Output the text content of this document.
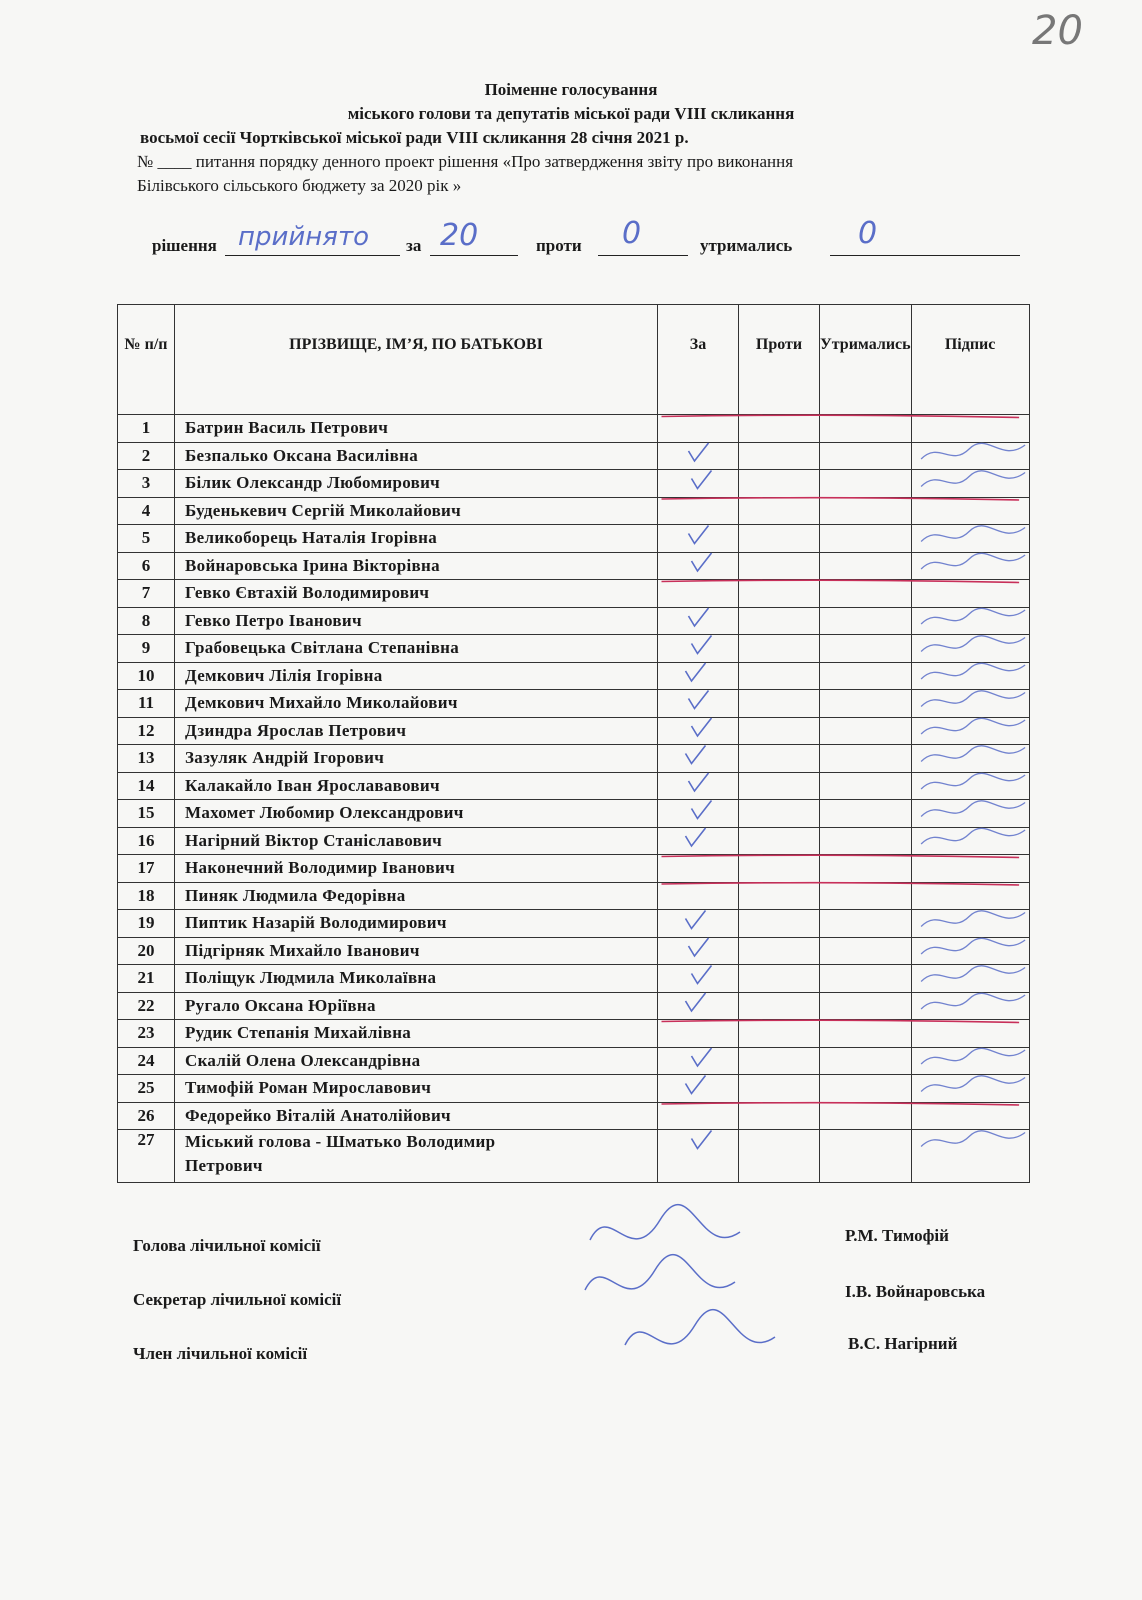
20
Поіменне голосування
міського голови та депутатів міської ради VIII скликання
восьмої сесії Чортківської міської ради VIII скликання 28 січня 2021 р.
№ ____ питання порядку денного проект рішення «Про затвердження звіту про виконання
Білівського сільського бюджету за 2020 рік »
рішення прийнято за 20	проти 0	утримались 0
№ п/п	ПРІЗВИЩЕ, ІМ’Я, ПО БАТЬКОВІ	За	Проти	Утримались	Підпис
1	Батрин Василь Петрович				
2	Безпалько Оксана Василівна				
3	Білик Олександр Любомирович				
4	Буденькевич Сергій Миколайович				
5	Великоборець Наталія Ігорівна				
6	Войнаровська Ірина Вікторівна				
7	Гевко Євтахій Володимирович				
8	Гевко Петро Іванович				
9	Грабовецька Світлана Степанівна				
10	Демкович Лілія Ігорівна				
11	Демкович Михайло Миколайович				
12	Дзиндра Ярослав Петрович				
13	Зазуляк Андрій Ігорович				
14	Калакайло Іван Ярослававович				
15	Махомет Любомир Олександрович				
16	Нагірний Віктор Станіславович				
17	Наконечний Володимир Іванович				
18	Пиняк Людмила Федорівна				
19	Пиптик Назарій Володимирович				
20	Підгірняк Михайло Іванович				
21	Поліщук Людмила Миколаївна				
22	Ругало Оксана Юріївна				
23	Рудик Степанія Михайлівна				
24	Скалій Олена Олександрівна				
25	Тимофій Роман Мирославович				
26	Федорейко Віталій Анатолійович				
27	Міський голова - Шматько Володимир
Петрович				
Голова лічильної комісії
Р.М. Тимофій
Секретар лічильної комісії	І.В. Войнаровська
Член лічильної комісії
В.С. Нагірний
